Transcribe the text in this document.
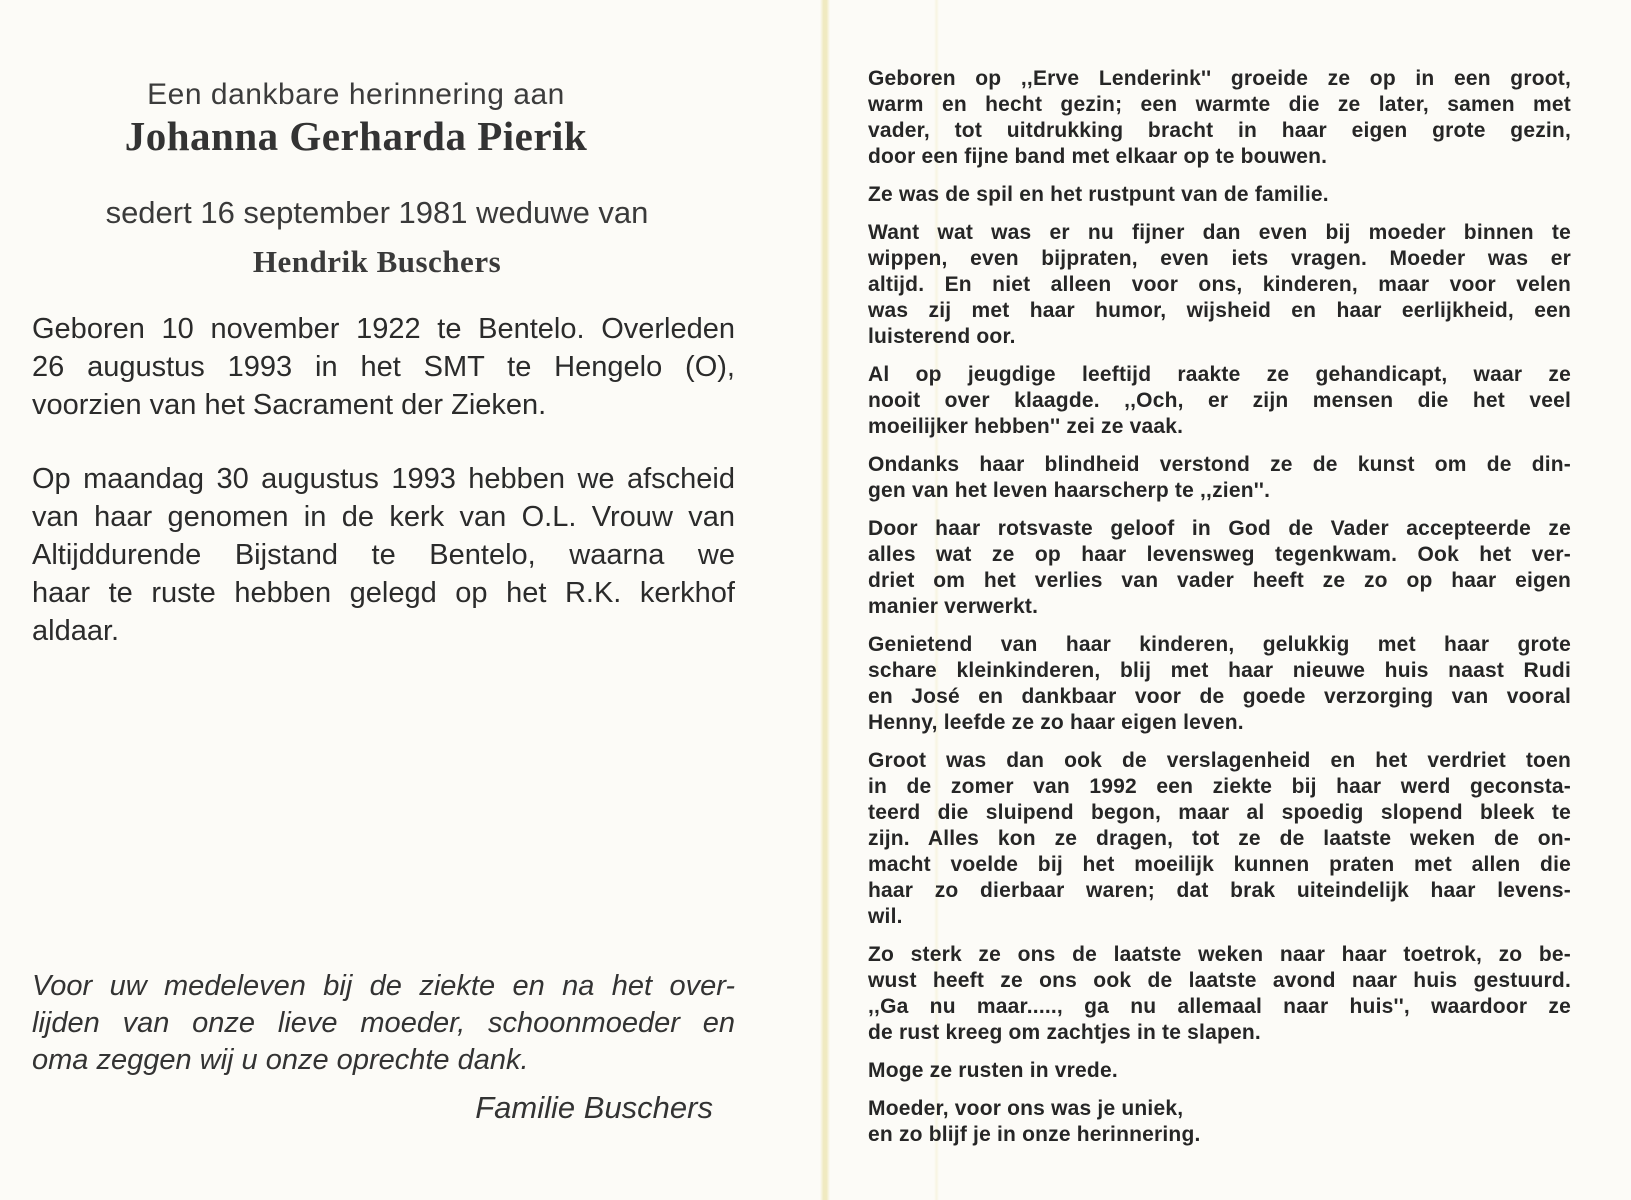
Een dankbare herinnering aan
Johanna Gerharda Pierik
sedert 16 september 1981 weduwe van
Hendrik Buschers
Geboren 10 november 1922 te Bentelo. Overleden
26 augustus 1993 in het SMT te Hengelo (O),
voorzien van het Sacrament der Zieken.
Op maandag 30 augustus 1993 hebben we afscheid
van haar genomen in de kerk van O.L. Vrouw van
Altijddurende Bijstand te Bentelo, waarna we
haar te ruste hebben gelegd op het R.K. kerkhof
aldaar.
Voor uw medeleven bij de ziekte en na het over-
lijden van onze lieve moeder, schoonmoeder en
oma zeggen wij u onze oprechte dank.
Familie Buschers

Geboren op ,,Erve Lenderink'' groeide ze op in een groot,
warm en hecht gezin; een warmte die ze later, samen met
vader, tot uitdrukking bracht in haar eigen grote gezin,
door een fijne band met elkaar op te bouwen.

Ze was de spil en het rustpunt van de familie.

Want wat was er nu fijner dan even bij moeder binnen te
wippen, even bijpraten, even iets vragen. Moeder was er
altijd. En niet alleen voor ons, kinderen, maar voor velen
was zij met haar humor, wijsheid en haar eerlijkheid, een
luisterend oor.

Al op jeugdige leeftijd raakte ze gehandicapt, waar ze
nooit over klaagde. ,,Och, er zijn mensen die het veel
moeilijker hebben'' zei ze vaak.

Ondanks haar blindheid verstond ze de kunst om de din-
gen van het leven haarscherp te ,,zien''.

Door haar rotsvaste geloof in God de Vader accepteerde ze
alles wat ze op haar levensweg tegenkwam. Ook het ver-
driet om het verlies van vader heeft ze zo op haar eigen
manier verwerkt.

Genietend van haar kinderen, gelukkig met haar grote
schare kleinkinderen, blij met haar nieuwe huis naast Rudi
en José en dankbaar voor de goede verzorging van vooral
Henny, leefde ze zo haar eigen leven.

Groot was dan ook de verslagenheid en het verdriet toen
in de zomer van 1992 een ziekte bij haar werd geconsta-
teerd die sluipend begon, maar al spoedig slopend bleek te
zijn. Alles kon ze dragen, tot ze de laatste weken de on-
macht voelde bij het moeilijk kunnen praten met allen die
haar zo dierbaar waren; dat brak uiteindelijk haar levens-
wil.

Zo sterk ze ons de laatste weken naar haar toetrok, zo be-
wust heeft ze ons ook de laatste avond naar huis gestuurd.
,,Ga nu maar....., ga nu allemaal naar huis'', waardoor ze
de rust kreeg om zachtjes in te slapen.

Moge ze rusten in vrede.

Moeder, voor ons was je uniek,
en zo blijf je in onze herinnering.
